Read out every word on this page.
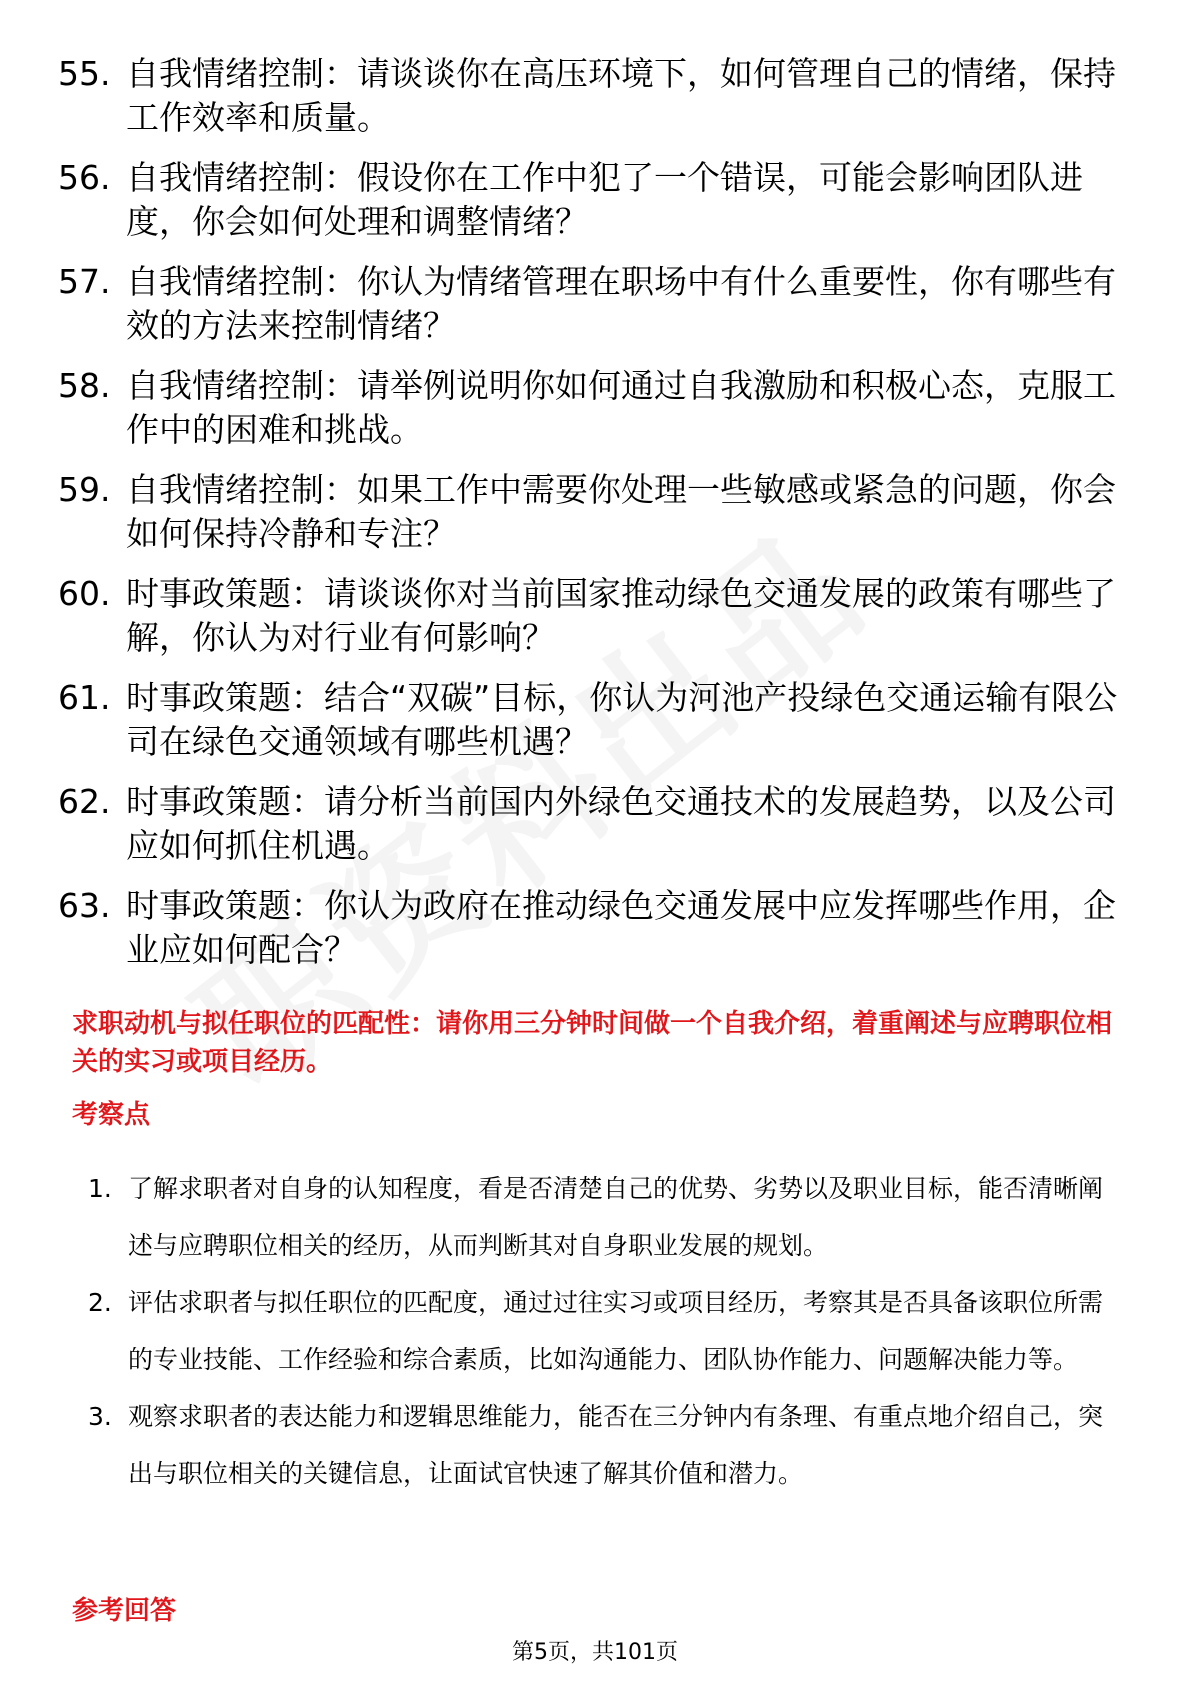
55. 自我情绪控制：请谈谈你在高压环境下，如何管理自己的情绪，保持工作效率和质量。
56. 自我情绪控制：假设你在工作中犯了一个错误，可能会影响团队进度，你会如何处理和调整情绪？
57. 自我情绪控制：你认为情绪管理在职场中有什么重要性，你有哪些有效的方法来控制情绪？
58. 自我情绪控制：请举例说明你如何通过自我激励和积极心态，克服工作中的困难和挑战。
59. 自我情绪控制：如果工作中需要你处理一些敏感或紧急的问题，你会如何保持冷静和专注？
60. 时事政策题：请谈谈你对当前国家推动绿色交通发展的政策有哪些了解，你认为对行业有何影响？
61. 时事政策题：结合“双碳”目标，你认为河池产投绿色交通运输有限公司在绿色交通领域有哪些机遇？
62. 时事政策题：请分析当前国内外绿色交通技术的发展趋势，以及公司应如何抓住机遇。
63. 时事政策题：你认为政府在推动绿色交通发展中应发挥哪些作用，企业应如何配合？
求职动机与拟任职位的匹配性：请你用三分钟时间做一个自我介绍，着重阐述与应聘职位相关的实习或项目经历。
考察点
1. 了解求职者对自身的认知程度，看是否清楚自己的优势、劣势以及职业目标，能否清晰阐述与应聘职位相关的经历，从而判断其对自身职业发展的规划。
2. 评估求职者与拟任职位的匹配度，通过过往实习或项目经历，考察其是否具备该职位所需的专业技能、工作经验和综合素质，比如沟通能力、团队协作能力、问题解决能力等。
3. 观察求职者的表达能力和逻辑思维能力，能否在三分钟内有条理、有重点地介绍自己，突出与职位相关的关键信息，让面试官快速了解其价值和潜力。
参考回答
第5页，共101页
